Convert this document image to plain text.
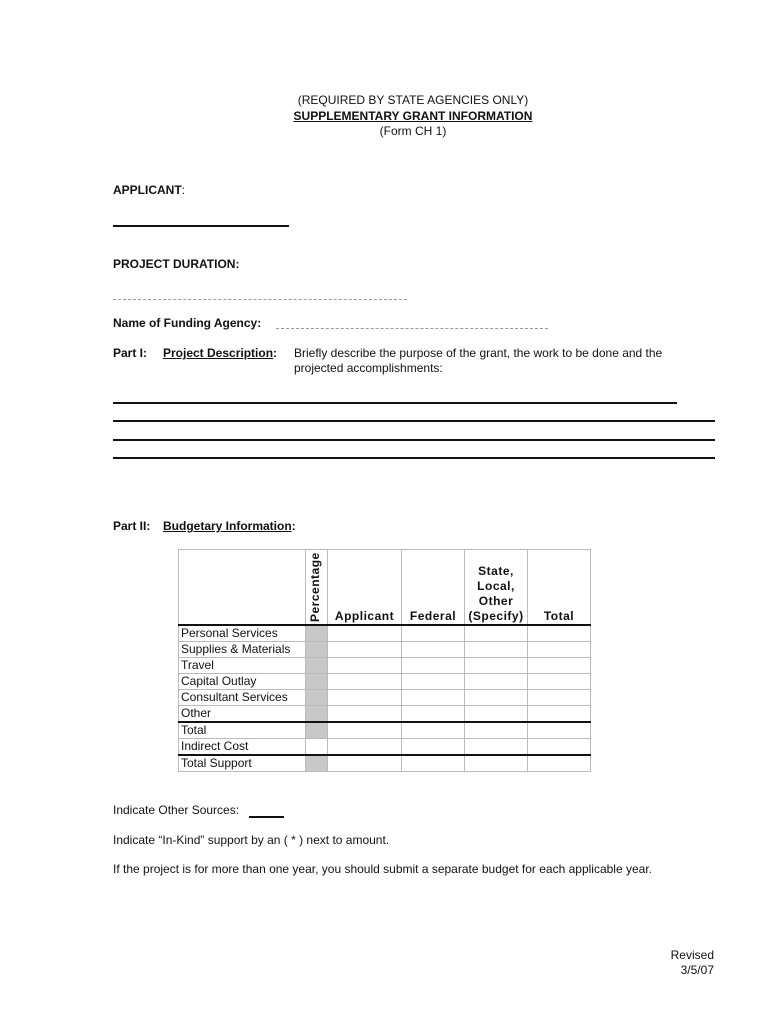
(REQUIRED BY STATE AGENCIES ONLY)
SUPPLEMENTARY GRANT INFORMATION
(Form CH 1)
APPLICANT:
PROJECT DURATION:
Name of Funding Agency:
Part I: Project Description: Briefly describe the purpose of the grant, the work to be done and the
projected accomplishments:
Part II: Budgetary Information:

	Percentage	Applicant	Federal	State,
Local,
Other
(Specify)	Total
Personal Services					
Supplies & Materials					
Travel					
Capital Outlay					
Consultant Services					
Other					
Total					
Indirect Cost					
Total Support					
Indicate Other Sources:
Indicate “In-Kind” support by an ( * ) next to amount.
If the project is for more than one year, you should submit a separate budget for each applicable year.
Revised
3/5/07
